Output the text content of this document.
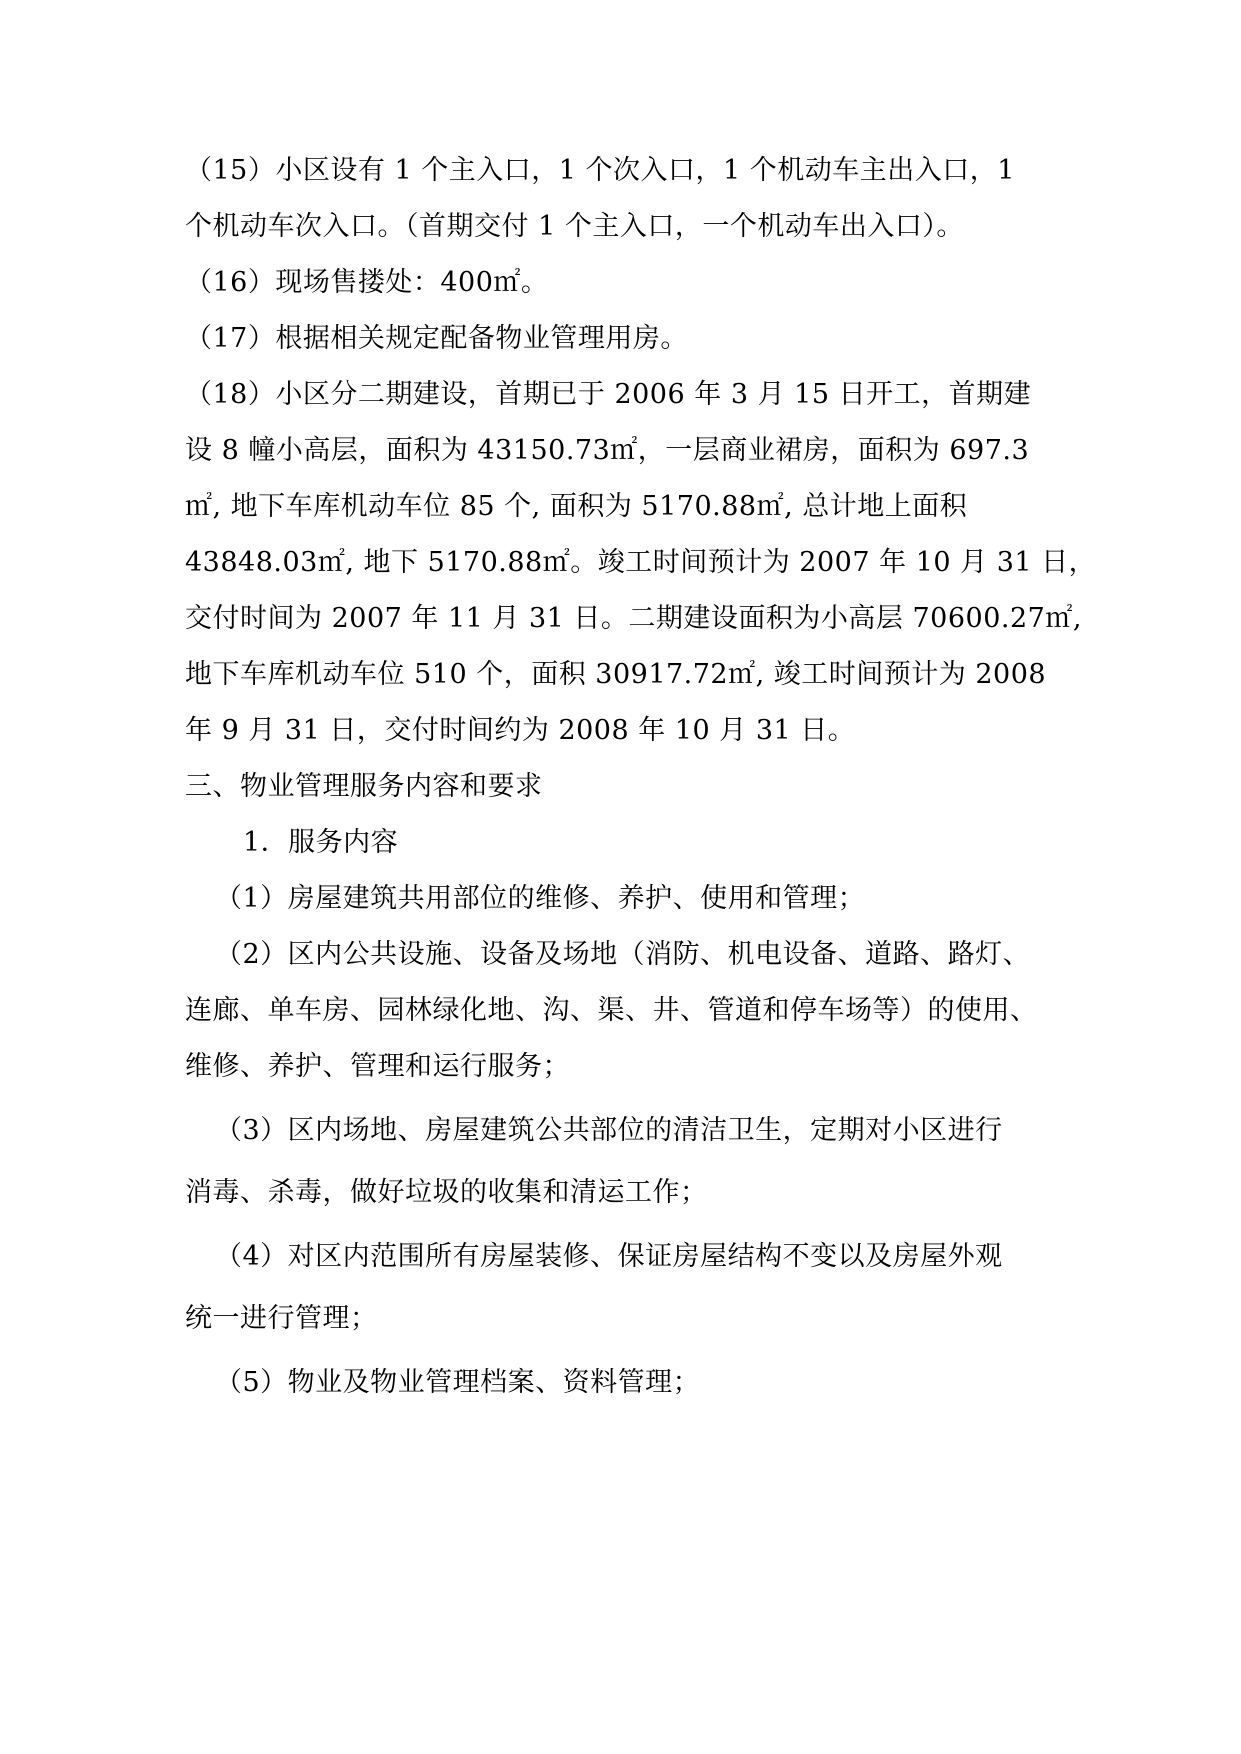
（15）小区设有 1 个主入口，1 个次入口，1 个机动车主出入口，1
个机动车次入口。（首期交付 1 个主入口，一个机动车出入口）。
（16）现场售搂处：400㎡。
（17）根据相关规定配备物业管理用房。
（18）小区分二期建设，首期已于 2006 年 3 月 15 日开工，首期建
设 8 幢小高层，面积为 43150.73㎡，一层商业裙房，面积为 697.3
㎡, 地下车库机动车位 85 个, 面积为 5170.88㎡, 总计地上面积
43848.03㎡, 地下 5170.88㎡。竣工时间预计为 2007 年 10 月 31 日，
交付时间为 2007 年 11 月 31 日。二期建设面积为小高层 70600.27㎡,
地下车库机动车位 510 个，面积 30917.72㎡, 竣工时间预计为 2008
年 9 月 31 日，交付时间约为 2008 年 10 月 31 日。
三、物业管理服务内容和要求
1．服务内容
（1）房屋建筑共用部位的维修、养护、使用和管理；
（2）区内公共设施、设备及场地（消防、机电设备、道路、路灯、
连廊、单车房、园林绿化地、沟、渠、井、管道和停车场等）的使用、
维修、养护、管理和运行服务；
（3）区内场地、房屋建筑公共部位的清洁卫生，定期对小区进行
消毒、杀毒，做好垃圾的收集和清运工作；
（4）对区内范围所有房屋装修、保证房屋结构不变以及房屋外观
统一进行管理；
（5）物业及物业管理档案、资料管理；
